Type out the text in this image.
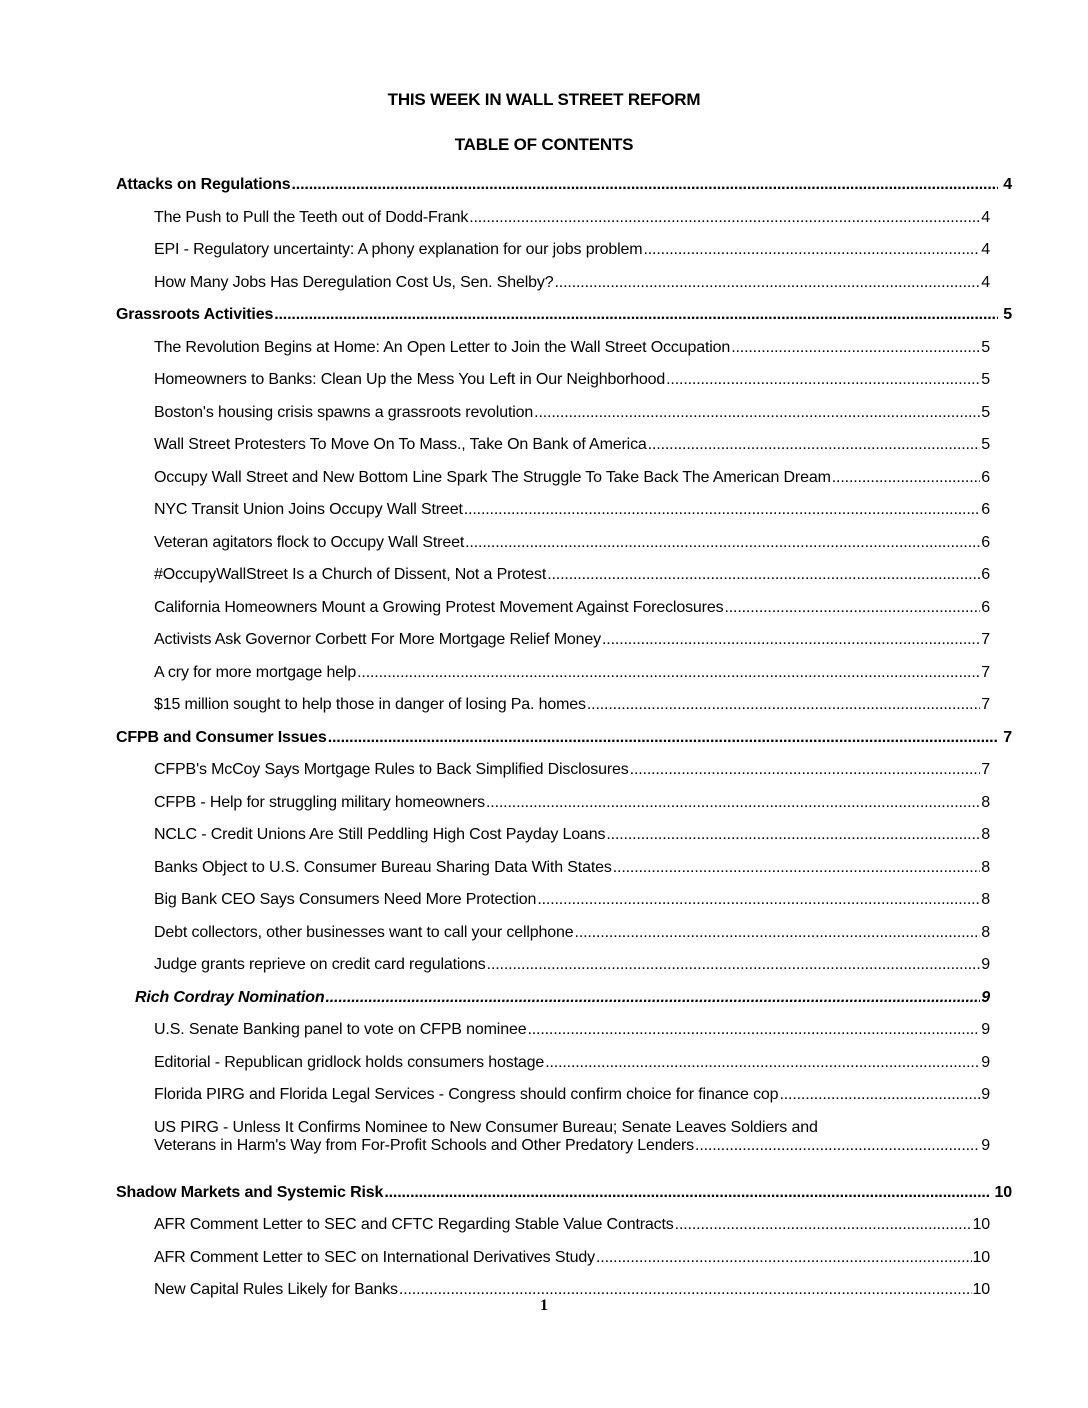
THIS WEEK IN WALL STREET REFORM
TABLE OF CONTENTS
Attacks on Regulations .....	4
The Push to Pull the Teeth out of Dodd-Frank .....	4
EPI - Regulatory uncertainty: A phony explanation for our jobs problem .....	4
How Many Jobs Has Deregulation Cost Us, Sen. Shelby? .....	4
Grassroots Activities .....	5
The Revolution Begins at Home: An Open Letter to Join the Wall Street Occupation .....	5
Homeowners to Banks: Clean Up the Mess You Left in Our Neighborhood .....	5
Boston's housing crisis spawns a grassroots revolution .....	5
Wall Street Protesters To Move On To Mass., Take On Bank of America .....	5
Occupy Wall Street and New Bottom Line Spark The Struggle To Take Back The American Dream .....	6
NYC Transit Union Joins Occupy Wall Street .....	6
Veteran agitators flock to Occupy Wall Street .....	6
#OccupyWallStreet Is a Church of Dissent, Not a Protest .....	6
California Homeowners Mount a Growing Protest Movement Against Foreclosures .....	6
Activists Ask Governor Corbett For More Mortgage Relief Money .....	7
A cry for more mortgage help .....	7
$15 million sought to help those in danger of losing Pa. homes .....	7
CFPB and Consumer Issues .....	7
CFPB's McCoy Says Mortgage Rules to Back Simplified Disclosures .....	7
CFPB - Help for struggling military homeowners .....	8
NCLC - Credit Unions Are Still Peddling High Cost Payday Loans .....	8
Banks Object to U.S. Consumer Bureau Sharing Data With States .....	8
Big Bank CEO Says Consumers Need More Protection .....	8
Debt collectors, other businesses want to call your cellphone .....	8
Judge grants reprieve on credit card regulations .....	9
Rich Cordray Nomination .....	9
U.S. Senate Banking panel to vote on CFPB nominee .....	9
Editorial - Republican gridlock holds consumers hostage .....	9
Florida PIRG and Florida Legal Services - Congress should confirm choice for finance cop .....	9
US PIRG - Unless It Confirms Nominee to New Consumer Bureau; Senate Leaves Soldiers and
Veterans in Harm's Way from For-Profit Schools and Other Predatory Lenders .....	9
Shadow Markets and Systemic Risk .....	10
AFR Comment Letter to SEC and CFTC Regarding Stable Value Contracts .....	10
AFR Comment Letter to SEC on International Derivatives Study .....	10
New Capital Rules Likely for Banks .....	10
1
